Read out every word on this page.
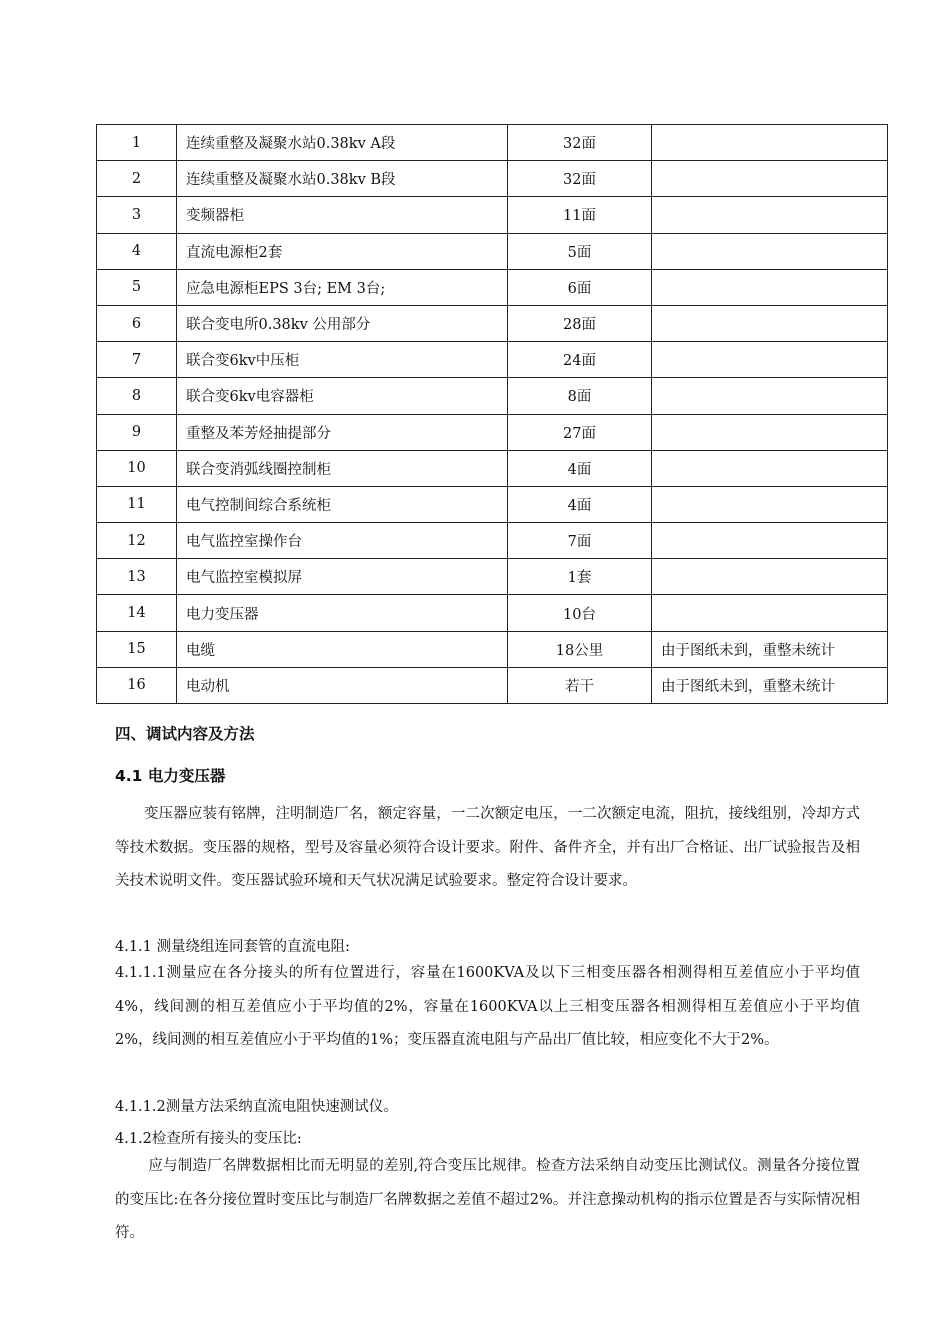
1	连续重整及凝聚水站0.38kv A段	32面	
2	连续重整及凝聚水站0.38kv B段	32面	
3	变频器柜	11面	
4	直流电源柜2套	5面	
5	应急电源柜EPS 3台; EM 3台;	6面	
6	联合变电所0.38kv 公用部分	28面	
7	联合变6kv中压柜	24面	
8	联合变6kv电容器柜	8面	
9	重整及苯芳烃抽提部分	27面	
10	联合变消弧线圈控制柜	4面	
11	电气控制间综合系统柜	4面	
12	电气监控室操作台	7面	
13	电气监控室模拟屏	1套	
14	电力变压器	10台	
15	电缆	18公里	由于图纸未到，重整未统计
16	电动机	若干	由于图纸未到，重整未统计
四、调试内容及方法
4.1 电力变压器

变压器应装有铭牌，注明制造厂名，额定容量，一二次额定电压，一二次额定电流，阻抗，接线组别，冷却方式等技术数据。变压器的规格，型号及容量必须符合设计要求。附件、备件齐全，并有出厂合格证、出厂试验报告及相关技术说明文件。变压器试验环境和天气状况满足试验要求。整定符合设计要求。

4.1.1 测量绕组连同套管的直流电阻:

4.1.1.1测量应在各分接头的所有位置进行，容量在1600KVA及以下三相变压器各相测得相互差值应小于平均值4%，线间测的相互差值应小于平均值的2%，容量在1600KVA以上三相变压器各相测得相互差值应小于平均值2%，线间测的相互差值应小于平均值的1%；变压器直流电阻与产品出厂值比较，相应变化不大于2%。

4.1.1.2测量方法采纳直流电阻快速测试仪。
4.1.2检查所有接头的变压比:

应与制造厂名牌数据相比而无明显的差别,符合变压比规律。检查方法采纳自动变压比测试仪。测量各分接位置的变压比:在各分接位置时变压比与制造厂名牌数据之差值不超过2%。并注意操动机构的指示位置是否与实际情况相符。
